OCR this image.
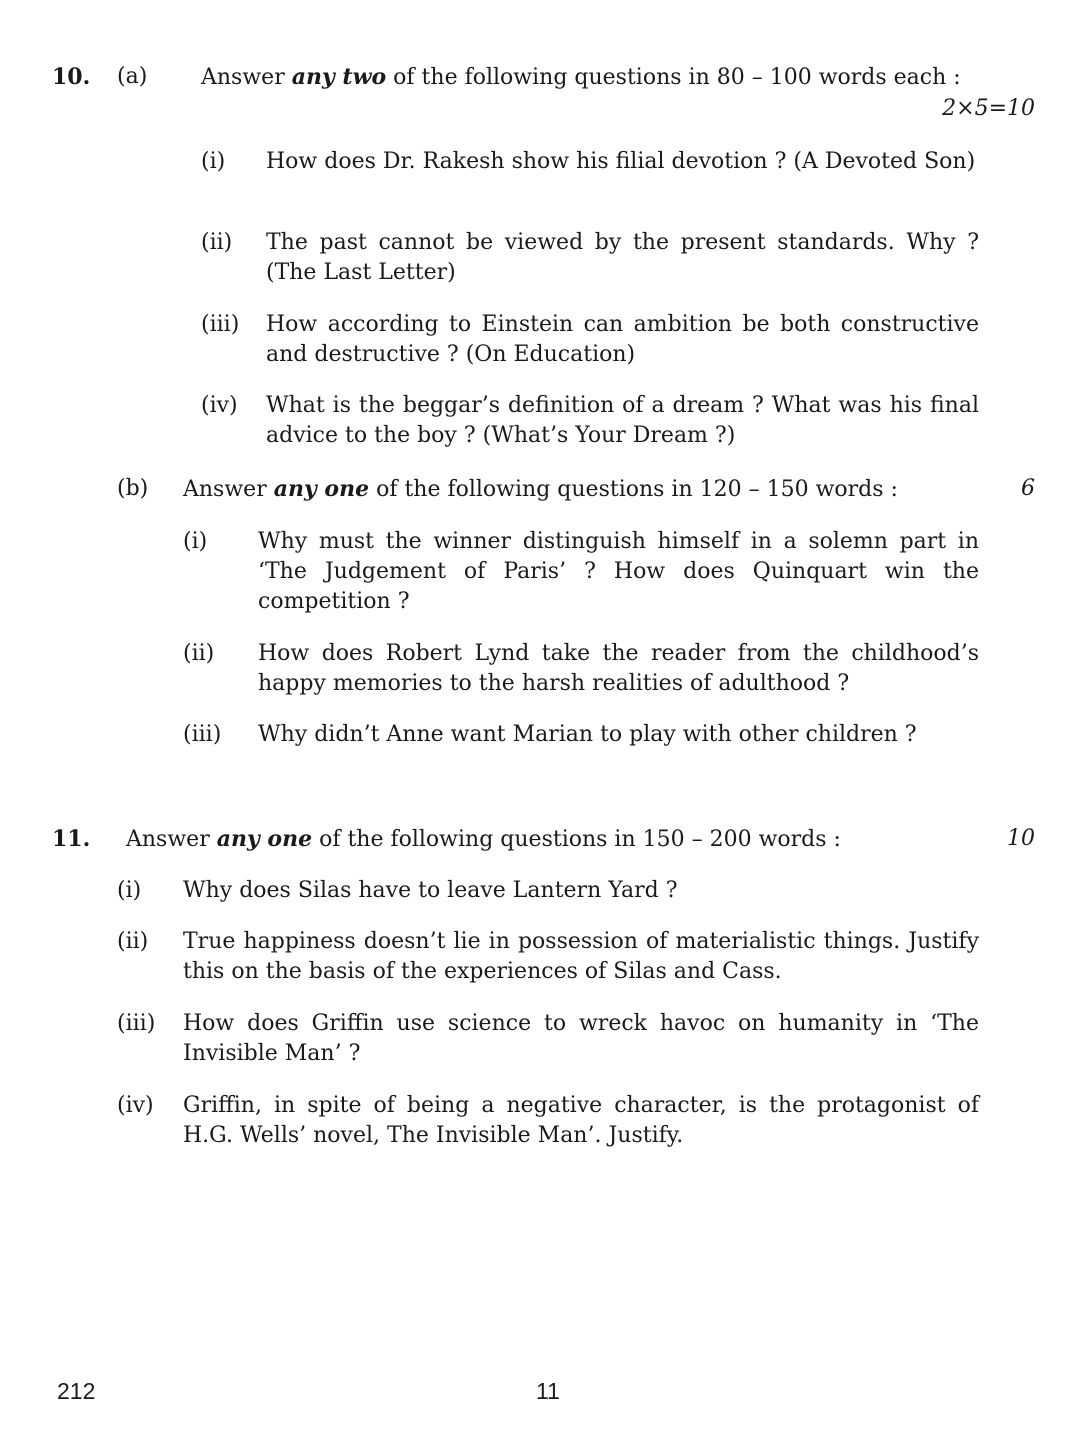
10. (a) Answer any two of the following questions in 80 – 100 words each :
2×5=10
(i) How does Dr. Rakesh show his filial devotion ? (A Devoted Son)
(ii) The past cannot be viewed by the present standards. Why ? (The Last Letter)
(iii) How according to Einstein can ambition be both constructive and destructive ? (On Education)
(iv) What is the beggar’s definition of a dream ? What was his final advice to the boy ? (What’s Your Dream ?)
(b) Answer any one of the following questions in 120 – 150 words :	6
(i) Why must the winner distinguish himself in a solemn part in ‘The Judgement of Paris’ ? How does Quinquart win the competition ?
(ii) How does Robert Lynd take the reader from the childhood’s happy memories to the harsh realities of adulthood ?
(iii) Why didn’t Anne want Marian to play with other children ?
11. Answer any one of the following questions in 150 – 200 words :	10
(i) Why does Silas have to leave Lantern Yard ?
(ii) True happiness doesn’t lie in possession of materialistic things. Justify this on the basis of the experiences of Silas and Cass.
(iii) How does Griffin use science to wreck havoc on humanity in ‘The Invisible Man’ ?
(iv) Griffin, in spite of being a negative character, is the protagonist of H.G. Wells’ novel, The Invisible Man’. Justify.
212	11
